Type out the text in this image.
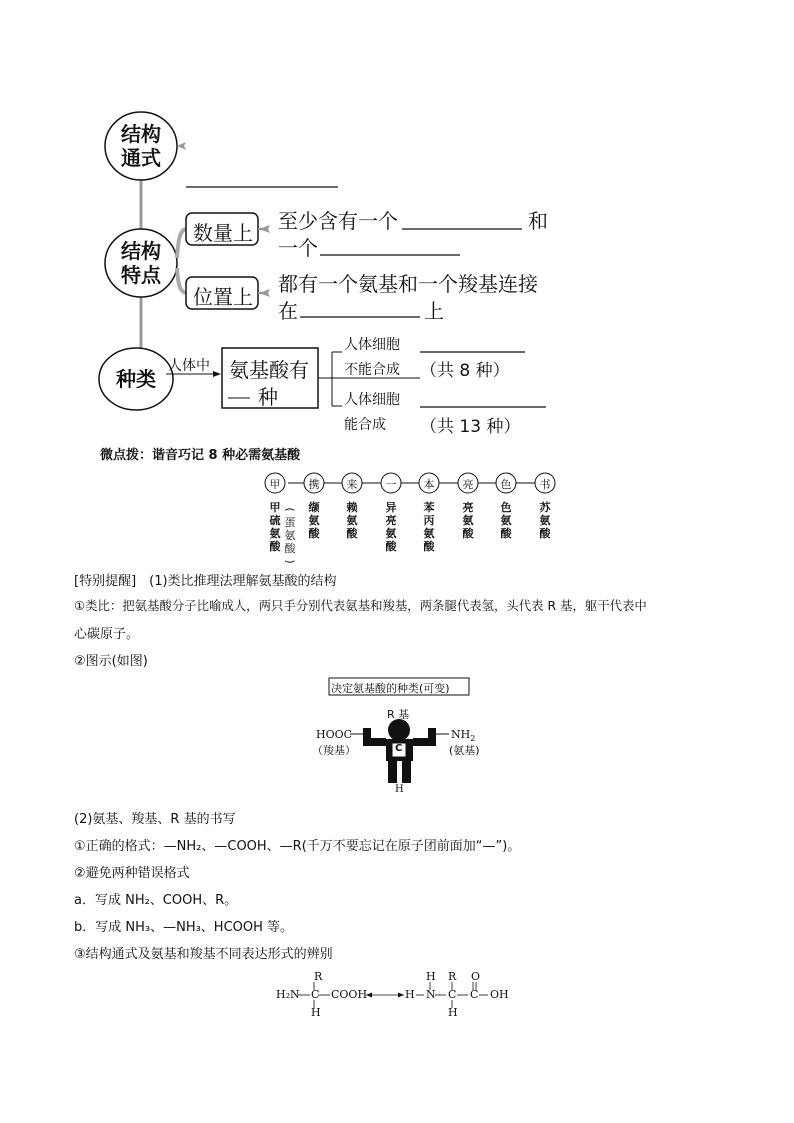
结构
通式
结构
特点
种类
数量上
位置上
至少含有一个	和
一个
都有一个氨基和一个羧基连接
在	上
人体中 氨基酸有
种
人体细胞
不能合成 （共 8 种）
人体细胞
能合成 （共 13 种）
微点拨：谐音巧记 8 种必需氨基酸
甲
甲
硫
氨
酸
携
缬
氨
酸
来
赖
氨
酸
一
异
亮
氨
酸
本
苯
丙
氨
酸
亮
亮
氨
酸
色
色
氨
酸
书
苏
氨
酸
(
蛋
氨
酸
)
[特别提醒]　(1)类比推理法理解氨基酸的结构
①类比：把氨基酸分子比喻成人，两只手分别代表氨基和羧基，两条腿代表氢，头代表 R 基，躯干代表中
心碳原子。
②图示(如图)
决定氨基酸的种类(可变)
R 基
HOOC
（羧基）
$NH_2$
(氨基)
C
H
(2)氨基、羧基、R 基的书写
①正确的格式：—NH₂、—COOH、—R(千万不要忘记在原子团前面加“—”)。
②避免两种错误格式
a．写成 NH₂、COOH、R。
b．写成 NH₃、—NH₃、HCOOH 等。
③结构通式及氨基和羧基不同表达形式的辨别
R
H₂N C COOH
H
H
H
N
R
C
H
O
C OH
